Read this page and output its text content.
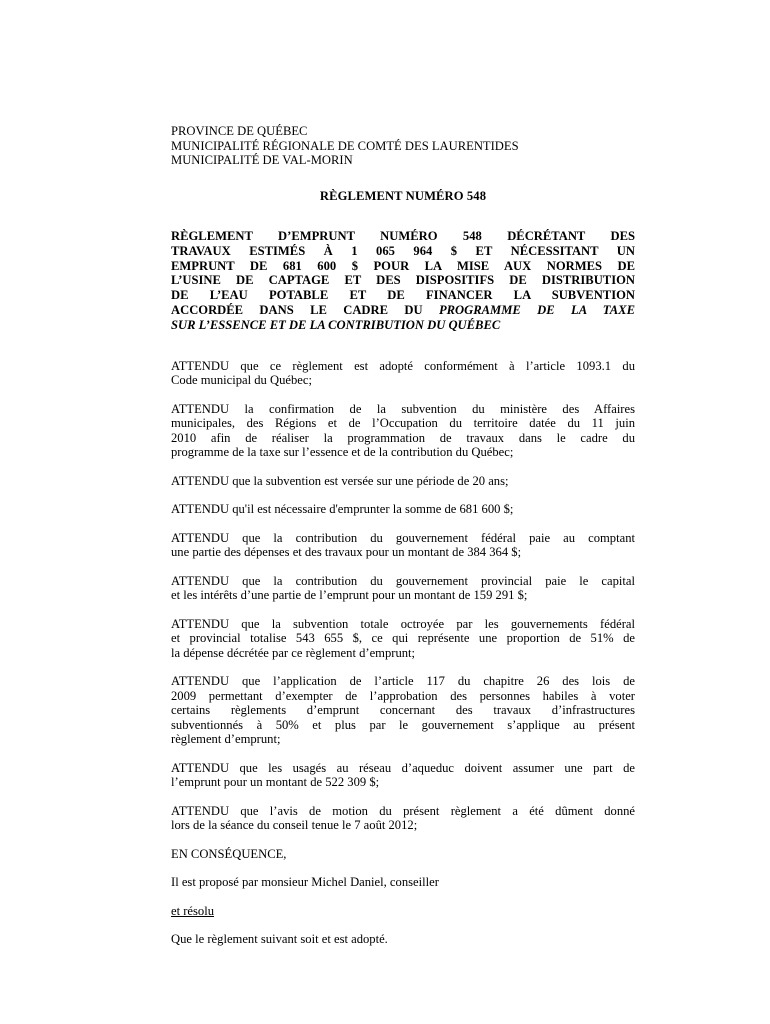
PROVINCE DE QUÉBEC
MUNICIPALITÉ RÉGIONALE DE COMTÉ DES LAURENTIDES
MUNICIPALITÉ DE VAL-MORIN
RÈGLEMENT NUMÉRO 548
RÈGLEMENT D’EMPRUNT NUMÉRO 548 DÉCRÉTANT DES
TRAVAUX ESTIMÉS À 1 065 964 $ ET NÉCESSITANT UN
EMPRUNT DE 681 600 $ POUR LA MISE AUX NORMES DE
L’USINE DE CAPTAGE ET DES DISPOSITIFS DE DISTRIBUTION
DE L’EAU POTABLE ET DE FINANCER LA SUBVENTION
ACCORDÉE DANS LE CADRE DU PROGRAMME DE LA TAXE
SUR L’ESSENCE ET DE LA CONTRIBUTION DU QUÉBEC

ATTENDU que ce règlement est adopté conformément à l’article 1093.1 du
Code municipal du Québec;

ATTENDU la confirmation de la subvention du ministère des Affaires
municipales, des Régions et de l’Occupation du territoire datée du 11 juin
2010 afin de réaliser la programmation de travaux dans le cadre du
programme de la taxe sur l’essence et de la contribution du Québec;

ATTENDU que la subvention est versée sur une période de 20 ans;

ATTENDU qu'il est nécessaire d'emprunter la somme de 681 600 $;

ATTENDU que la contribution du gouvernement fédéral paie au comptant
une partie des dépenses et des travaux pour un montant de 384 364 $;

ATTENDU que la contribution du gouvernement provincial paie le capital
et les intérêts d’une partie de l’emprunt pour un montant de 159 291 $;

ATTENDU que la subvention totale octroyée par les gouvernements fédéral
et provincial totalise 543 655 $, ce qui représente une proportion de 51% de
la dépense décrétée par ce règlement d’emprunt;

ATTENDU que l’application de l’article 117 du chapitre 26 des lois de
2009 permettant d’exempter de l’approbation des personnes habiles à voter
certains règlements d’emprunt concernant des travaux d’infrastructures
subventionnés à 50% et plus par le gouvernement s’applique au présent
règlement d’emprunt;

ATTENDU que les usagés au réseau d’aqueduc doivent assumer une part de
l’emprunt pour un montant de 522 309 $;

ATTENDU que l’avis de motion du présent règlement a été dûment donné
lors de la séance du conseil tenue le 7 août 2012;

EN CONSÉQUENCE,

Il est proposé par monsieur Michel Daniel, conseiller

et résolu

Que le règlement suivant soit et est adopté.
